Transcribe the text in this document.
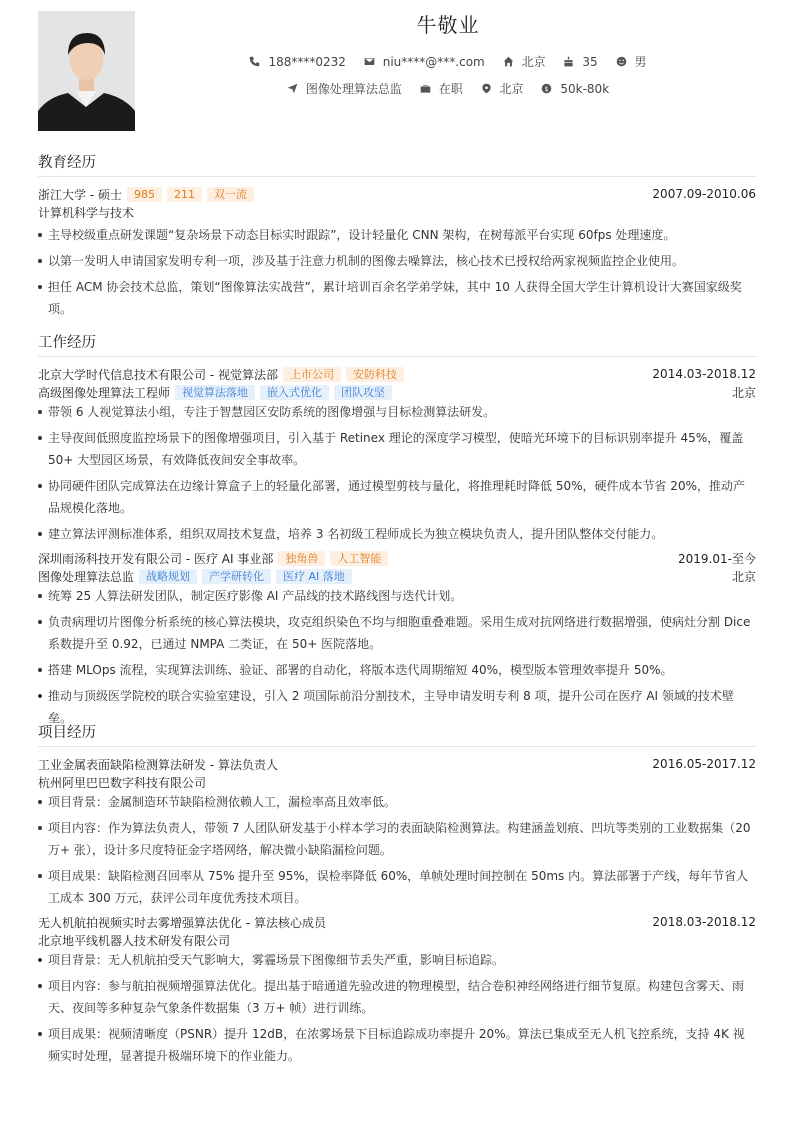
牛敬业
188****0232
	niu****@***.com
	北京
	35
	男
图像处理算法总监
	在职
	北京
$ 50k-80k
教育经历
浙江大学 - 硕士	985	211	双一流	2007.09-2010.06
计算机科学与技术
主导校级重点研发课题“复杂场景下动态目标实时跟踪”，设计轻量化 CNN 架构，在树莓派平台实现 60fps 处理速度。
以第一发明人申请国家发明专利一项，涉及基于注意力机制的图像去噪算法，核心技术已授权给两家视频监控企业使用。
担任 ACM 协会技术总监，策划“图像算法实战营”，累计培训百余名学弟学妹，其中 10 人获得全国大学生计算机设计大赛国家级奖项。
工作经历
北京大学时代信息技术有限公司 - 视觉算法部	上市公司	安防科技	2014.03-2018.12
高级图像处理算法工程师	视觉算法落地	嵌入式优化	团队攻坚	北京
带领 6 人视觉算法小组，专注于智慧园区安防系统的图像增强与目标检测算法研发。
主导夜间低照度监控场景下的图像增强项目，引入基于 Retinex 理论的深度学习模型，使暗光环境下的目标识别率提升 45%，覆盖 50+ 大型园区场景，有效降低夜间安全事故率。
协同硬件团队完成算法在边缘计算盒子上的轻量化部署，通过模型剪枝与量化，将推理耗时降低 50%，硬件成本节省 20%，推动产品规模化落地。
建立算法评测标准体系，组织双周技术复盘，培养 3 名初级工程师成长为独立模块负责人，提升团队整体交付能力。
深圳雨汤科技开发有限公司 - 医疗 AI 事业部	独角兽	人工智能	2019.01-至今
图像处理算法总监	战略规划	产学研转化	医疗 AI 落地	北京
统筹 25 人算法研发团队，制定医疗影像 AI 产品线的技术路线图与迭代计划。
负责病理切片图像分析系统的核心算法模块，攻克组织染色不均与细胞重叠难题。采用生成对抗网络进行数据增强，使病灶分割 Dice 系数提升至 0.92，已通过 NMPA 二类证，在 50+ 医院落地。
搭建 MLOps 流程，实现算法训练、验证、部署的自动化，将版本迭代周期缩短 40%，模型版本管理效率提升 50%。
推动与顶级医学院校的联合实验室建设，引入 2 项国际前沿分割技术，主导申请发明专利 8 项，提升公司在医疗 AI 领域的技术壁垒。
项目经历
工业金属表面缺陷检测算法研发 - 算法负责人	2016.05-2017.12
杭州阿里巴巴数字科技有限公司
项目背景：金属制造环节缺陷检测依赖人工，漏检率高且效率低。
项目内容：作为算法负责人，带领 7 人团队研发基于小样本学习的表面缺陷检测算法。构建涵盖划痕、凹坑等类别的工业数据集（20 万+ 张），设计多尺度特征金字塔网络，解决微小缺陷漏检问题。
项目成果：缺陷检测召回率从 75% 提升至 95%，误检率降低 60%，单帧处理时间控制在 50ms 内。算法部署于产线，每年节省人工成本 300 万元，获评公司年度优秀技术项目。
无人机航拍视频实时去雾增强算法优化 - 算法核心成员	2018.03-2018.12
北京地平线机器人技术研发有限公司
项目背景：无人机航拍受天气影响大，雾霾场景下图像细节丢失严重，影响目标追踪。
项目内容：参与航拍视频增强算法优化。提出基于暗通道先验改进的物理模型，结合卷积神经网络进行细节复原。构建包含雾天、雨天、夜间等多种复杂气象条件数据集（3 万+ 帧）进行训练。
项目成果：视频清晰度（PSNR）提升 12dB，在浓雾场景下目标追踪成功率提升 20%。算法已集成至无人机飞控系统，支持 4K 视频实时处理，显著提升极端环境下的作业能力。
